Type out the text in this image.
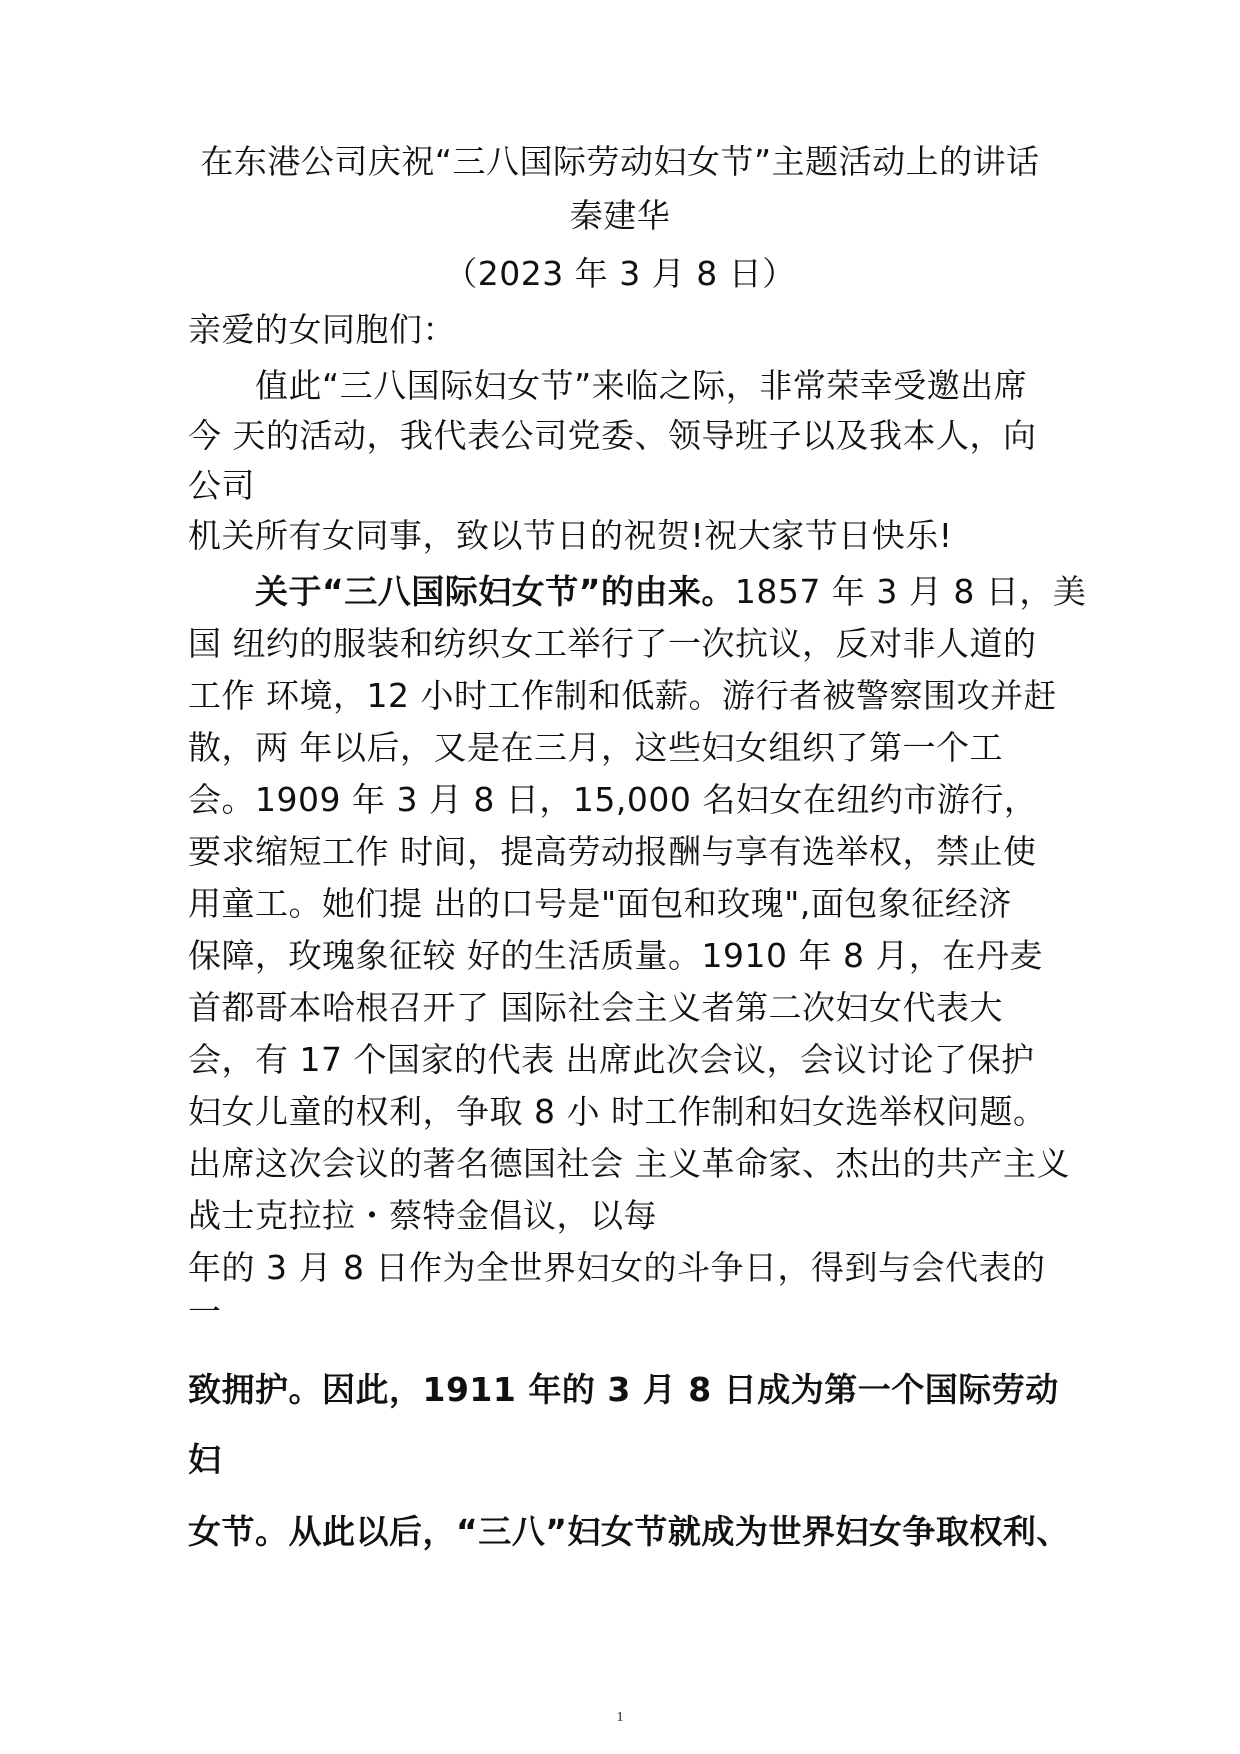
在东港公司庆祝“三八国际劳动妇女节”主题活动上的讲话
秦建华
（2023 年 3 月 8 日）
亲爱的女同胞们：
值此“三八国际妇女节”来临之际，非常荣幸受邀出席
今 天的活动，我代表公司党委、领导班子以及我本人，向
公司
机关所有女同事，致以节日的祝贺!祝大家节日快乐!
关于“三八国际妇女节”的由来。1857 年 3 月 8 日，美
国 纽约的服装和纺织女工举行了一次抗议，反对非人道的
工作 环境，12 小时工作制和低薪。游行者被警察围攻并赶
散，两 年以后，又是在三月，这些妇女组织了第一个工
会。1909 年 3 月 8 日，15,000 名妇女在纽约市游行，
要求缩短工作 时间，提高劳动报酬与享有选举权，禁止使
用童工。她们提 出的口号是"面包和玫瑰",面包象征经济
保障，玫瑰象征较 好的生活质量。1910 年 8 月，在丹麦
首都哥本哈根召开了 国际社会主义者第二次妇女代表大
会，有 17 个国家的代表 出席此次会议，会议讨论了保护
妇女儿童的权利，争取 8 小 时工作制和妇女选举权问题。
出席这次会议的著名德国社会 主义革命家、杰出的共产主义
战士克拉拉・蔡特金倡议，以每
年的 3 月 8 日作为全世界妇女的斗争日，得到与会代表的
一
致拥护。因此，1911 年的 3 月 8 日成为第一个国际劳动
妇
女节。从此以后，“三八”妇女节就成为世界妇女争取权利、
1
